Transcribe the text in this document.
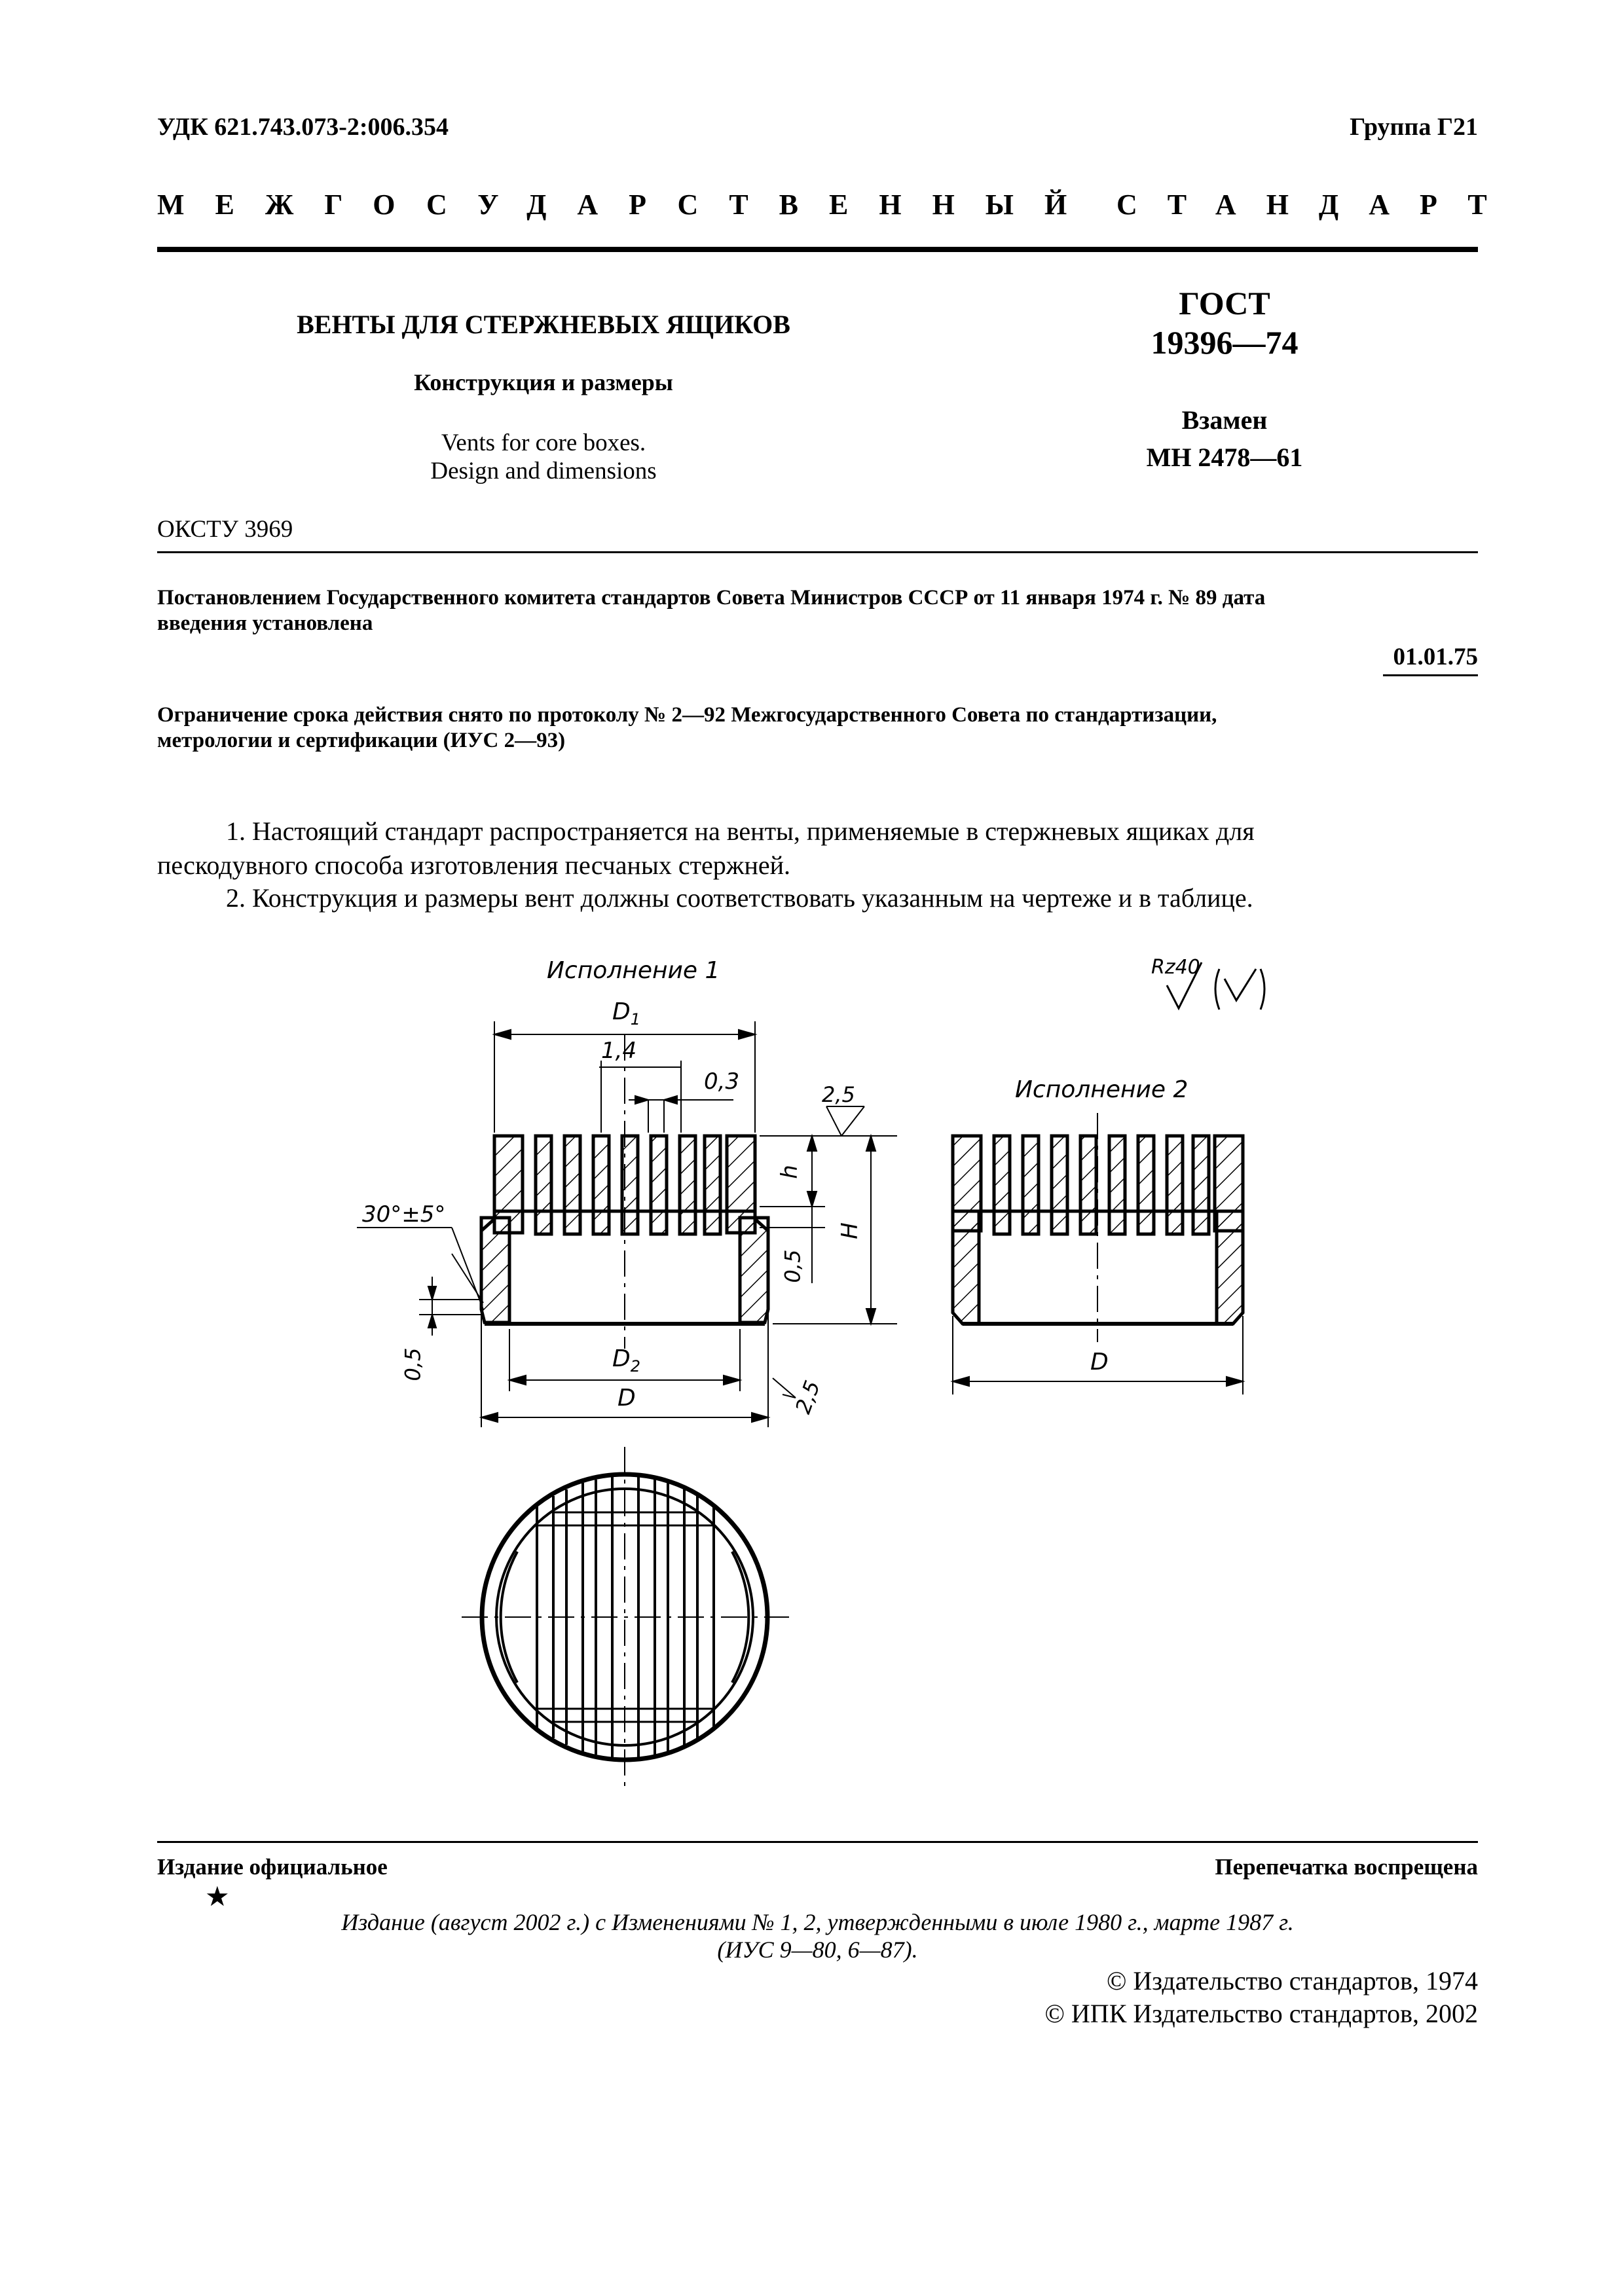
УДК 621.743.073-2:006.354	Группа Г21
МЕЖГОСУДАРСТВЕННЫЙ СТАНДАРТ
ВЕНТЫ ДЛЯ СТЕРЖНЕВЫХ ЯЩИКОВ
Конструкция и размеры
Vents for core boxes.
Design and dimensions
ГОСТ
19396—74
Взамен
МН 2478—61
ОКСТУ 3969
Постановлением Государственного комитета стандартов Совета Министров СССР от 11 января 1974 г. № 89 дата
введения установлена
01.01.75
Ограничение срока действия снято по протоколу № 2—92 Межгосударственного Совета по стандартизации,
метрологии и сертификации (ИУС 2—93)
1. Настоящий стандарт распространяется на венты, применяемые в стержневых ящиках для
пескодувного способа изготовления песчаных стержней.
2. Конструкция и размеры вент должны соответствовать указанным на чертеже и в таблице.
Исполнение 1
Исполнение 2
Rz40
$D_1$
1,4
0,3	2,5
h
H
0,5
30°±5°
0,5	$D_2$
D	2,5
D
Издание официальное	Перепечатка воспрещена
★
Издание (август 2002 г.) с Изменениями № 1, 2, утвержденными в июле 1980 г., марте 1987 г.
(ИУС 9—80, 6—87).
© Издательство стандартов, 1974
© ИПК Издательство стандартов, 2002
